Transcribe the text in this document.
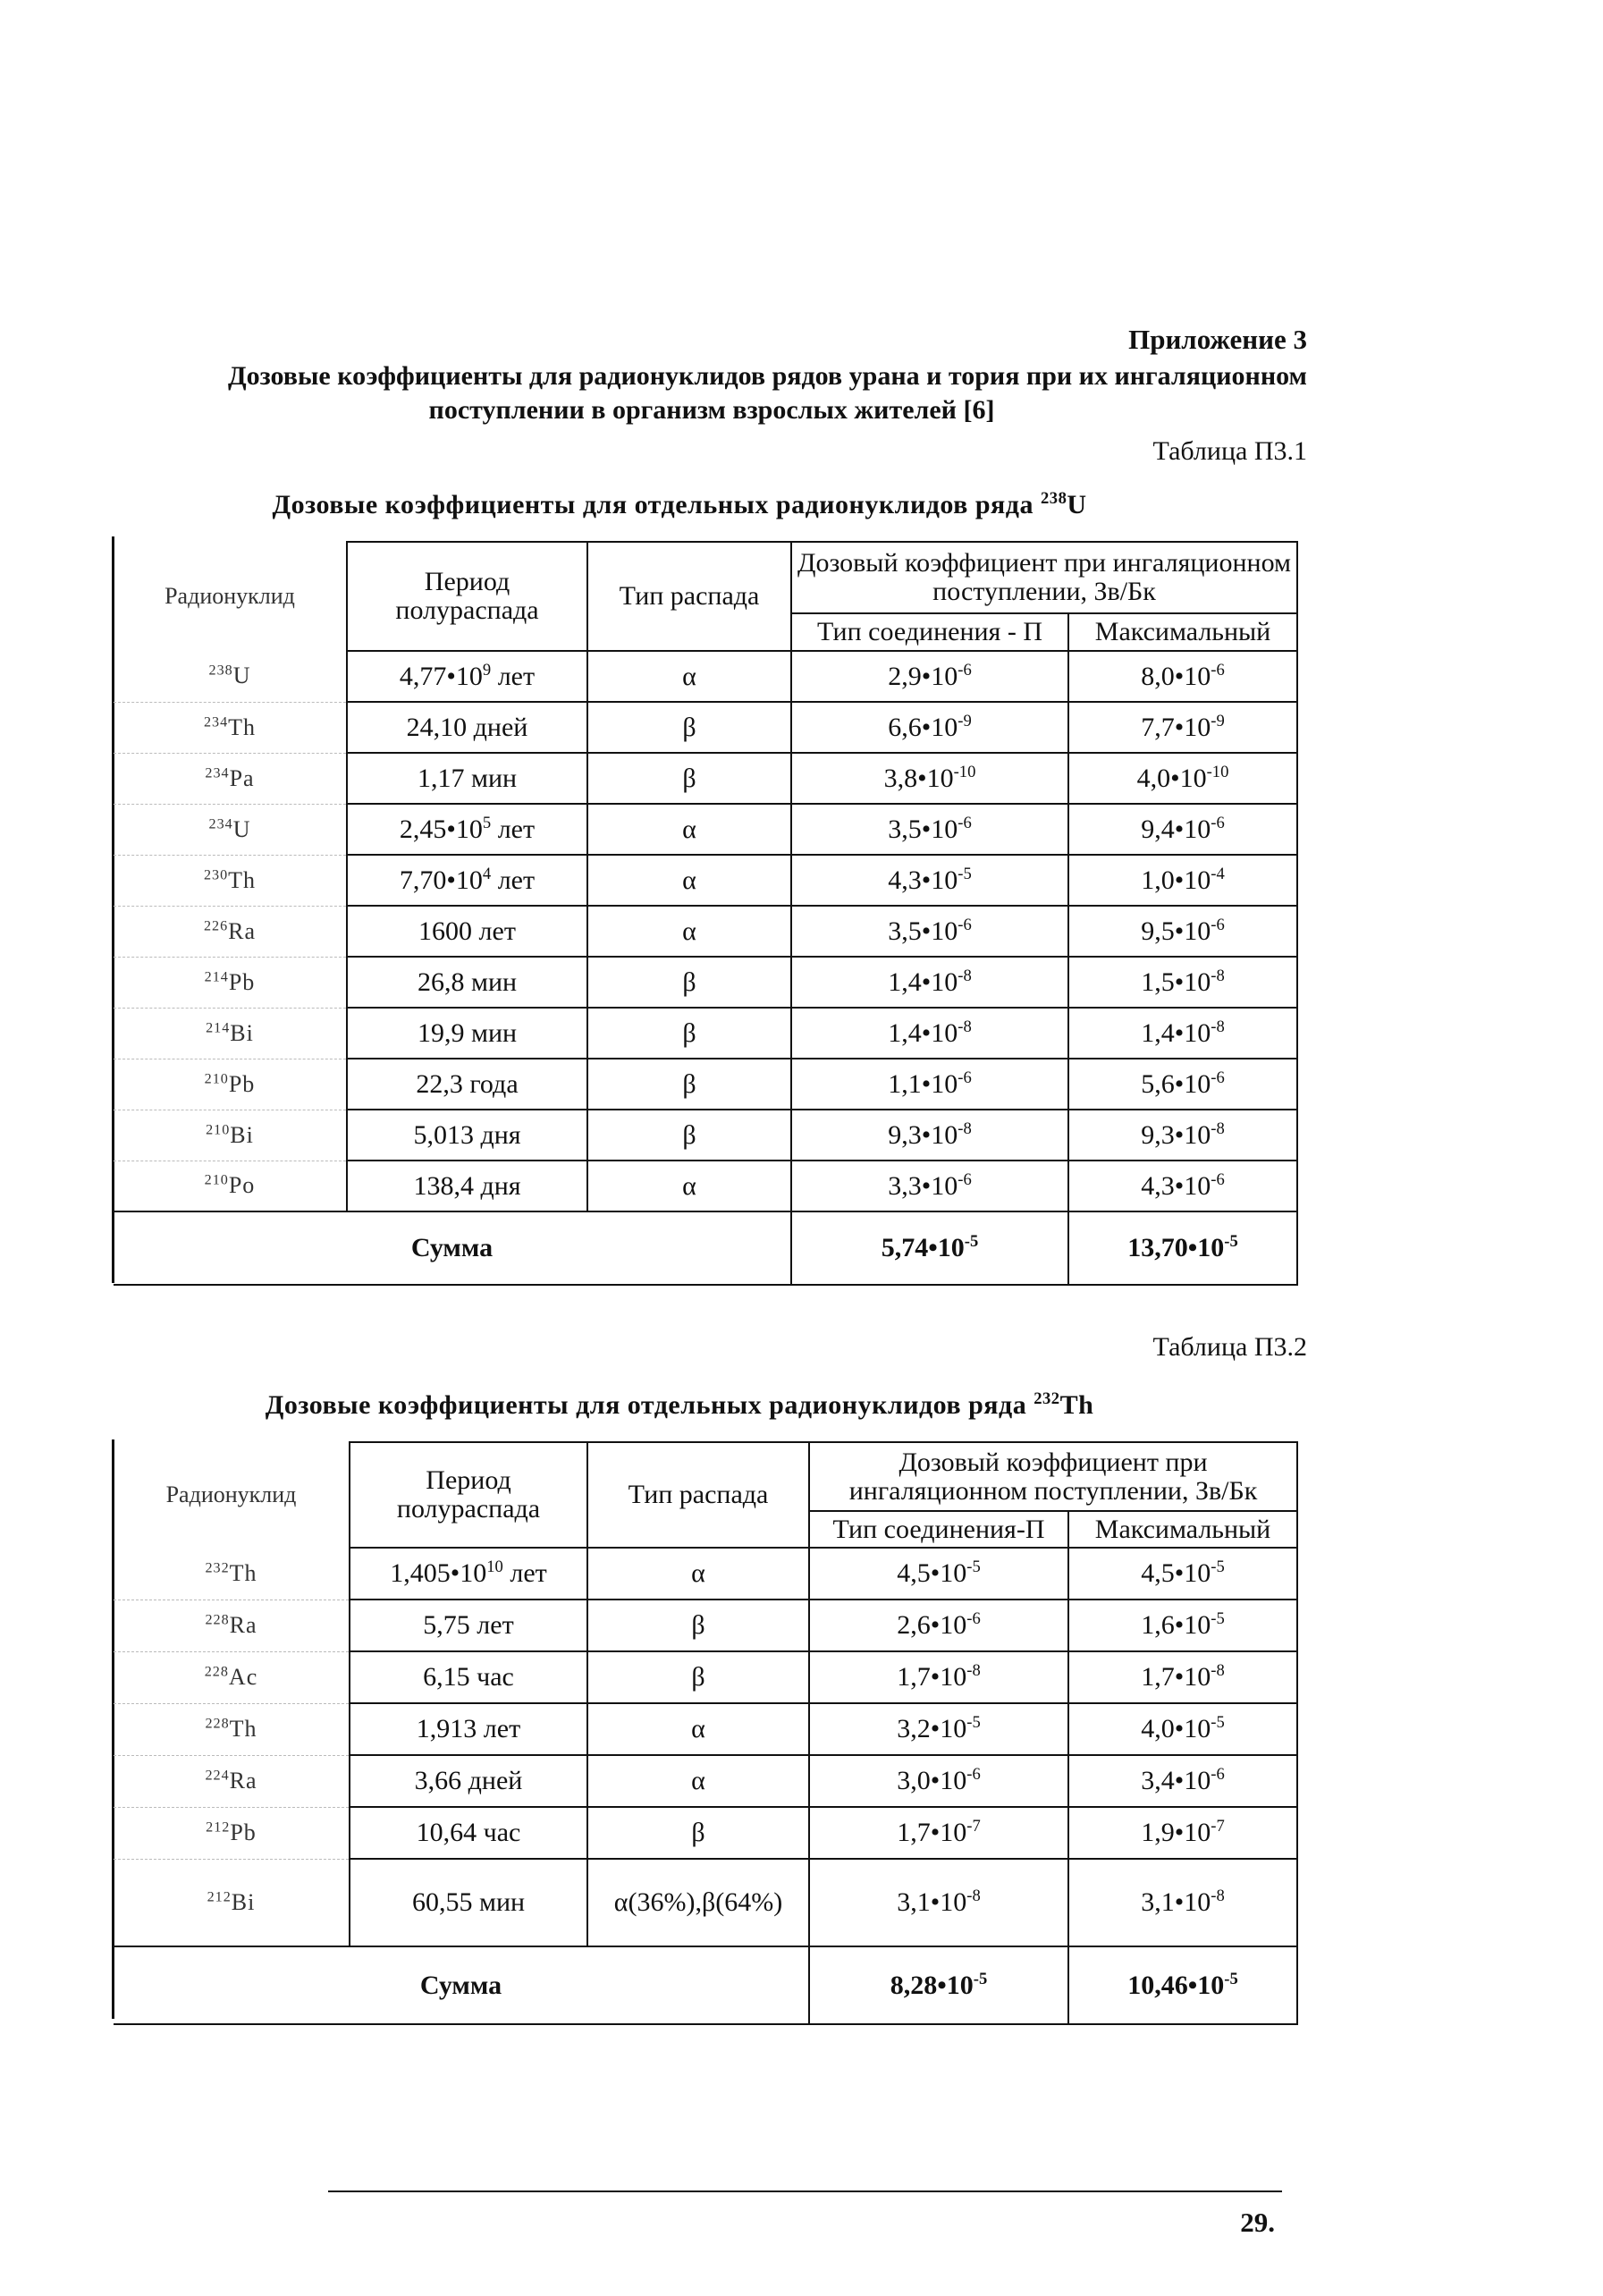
Приложение 3
Дозовые коэффициенты для радионуклидов рядов урана и тория при их ингаляционном
поступлении в организм взрослых жителей [6]
Таблица П3.1
Дозовые коэффициенты для отдельных радионуклидов ряда $^{238}$U
Радионуклид	Период полураспада	Тип распада	Дозовый коэффициент при ингаляционном поступлении, Зв/Бк	
			Тип соединения - П	Максимальный
$^{238}$U	$4,77•10^9$ лет	α	$2,9•10^{-6}$	$8,0•10^{-6}$
$^{234}$Th	24,10 дней	β	$6,6•10^{-9}$	$7,7•10^{-9}$
$^{234}$Pa	1,17 мин	β	$3,8•10^{-10}$	$4,0•10^{-10}$
$^{234}$U	$2,45•10^5$ лет	α	$3,5•10^{-6}$	$9,4•10^{-6}$
$^{230}$Th	$7,70•10^4$ лет	α	$4,3•10^{-5}$	$1,0•10^{-4}$
$^{226}$Ra	1600 лет	α	$3,5•10^{-6}$	$9,5•10^{-6}$
$^{214}$Pb	26,8 мин	β	$1,4•10^{-8}$	$1,5•10^{-8}$
$^{214}$Bi	19,9 мин	β	$1,4•10^{-8}$	$1,4•10^{-8}$
$^{210}$Pb	22,3 года	β	$1,1•10^{-6}$	$5,6•10^{-6}$
$^{210}$Bi	5,013 дня	β	$9,3•10^{-8}$	$9,3•10^{-8}$
$^{210}$Po	138,4 дня	α	$3,3•10^{-6}$	$4,3•10^{-6}$
Сумма			$5,74•10^{-5}$	$13,70•10^{-5}$
Таблица П3.2
Дозовые коэффициенты для отдельных радионуклидов ряда $^{232}$Th
Радионуклид	Период полураспада	Тип распада	Дозовый коэффициент при ингаляционном поступлении, Зв/Бк	
			Тип соединения-П	Максимальный
$^{232}$Th	$1,405•10^{10}$ лет	α	$4,5•10^{-5}$	$4,5•10^{-5}$
$^{228}$Ra	5,75 лет	β	$2,6•10^{-6}$	$1,6•10^{-5}$
$^{228}$Ac	6,15 час	β	$1,7•10^{-8}$	$1,7•10^{-8}$
$^{228}$Th	1,913 лет	α	$3,2•10^{-5}$	$4,0•10^{-5}$
$^{224}$Ra	3,66 дней	α	$3,0•10^{-6}$	$3,4•10^{-6}$
$^{212}$Pb	10,64 час	β	$1,7•10^{-7}$	$1,9•10^{-7}$
$^{212}$Bi	60,55 мин	α(36%),β(64%)	$3,1•10^{-8}$	$3,1•10^{-8}$
Сумма			$8,28•10^{-5}$	$10,46•10^{-5}$
29.
